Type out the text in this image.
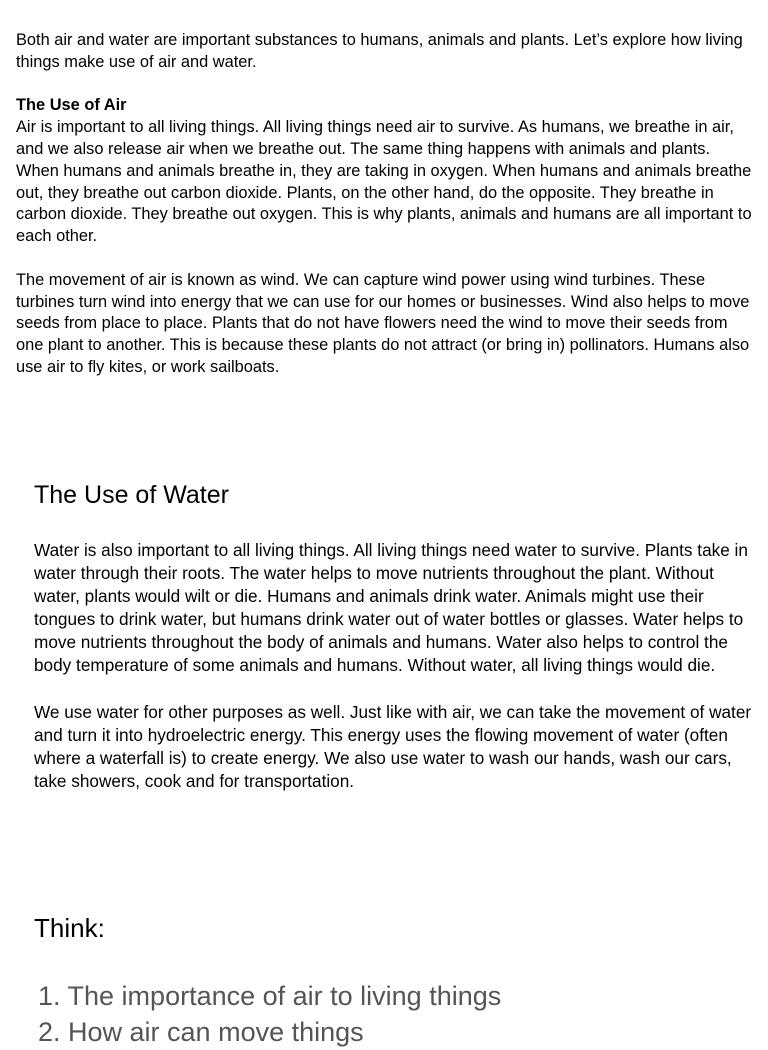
Both air and water are important substances to humans, animals and plants. Let’s explore how living things make use of air and water.

The Use of Air

Air is important to all living things. All living things need air to survive. As humans, we breathe in air, and we also release air when we breathe out. The same thing happens with animals and plants. When humans and animals breathe in, they are taking in oxygen. When humans and animals breathe out, they breathe out carbon dioxide. Plants, on the other hand, do the opposite. They breathe in carbon dioxide. They breathe out oxygen. This is why plants, animals and humans are all important to each other.

The movement of air is known as wind. We can capture wind power using wind turbines. These turbines turn wind into energy that we can use for our homes or businesses. Wind also helps to move seeds from place to place. Plants that do not have flowers need the wind to move their seeds from one plant to another. This is because these plants do not attract (or bring in) pollinators. Humans also use air to fly kites, or work sailboats.

The Use of Water

Water is also important to all living things. All living things need water to survive. Plants take in water through their roots. The water helps to move nutrients throughout the plant. Without water, plants would wilt or die. Humans and animals drink water. Animals might use their tongues to drink water, but humans drink water out of water bottles or glasses. Water helps to move nutrients throughout the body of animals and humans. Water also helps to control the body temperature of some animals and humans. Without water, all living things would die.

We use water for other purposes as well. Just like with air, we can take the movement of water and turn it into hydroelectric energy. This energy uses the flowing movement of water (often where a waterfall is) to create energy. We also use water to wash our hands, wash our cars, take showers, cook and for transportation.

Think:
1. The importance of air to living things
2. How air can move things
